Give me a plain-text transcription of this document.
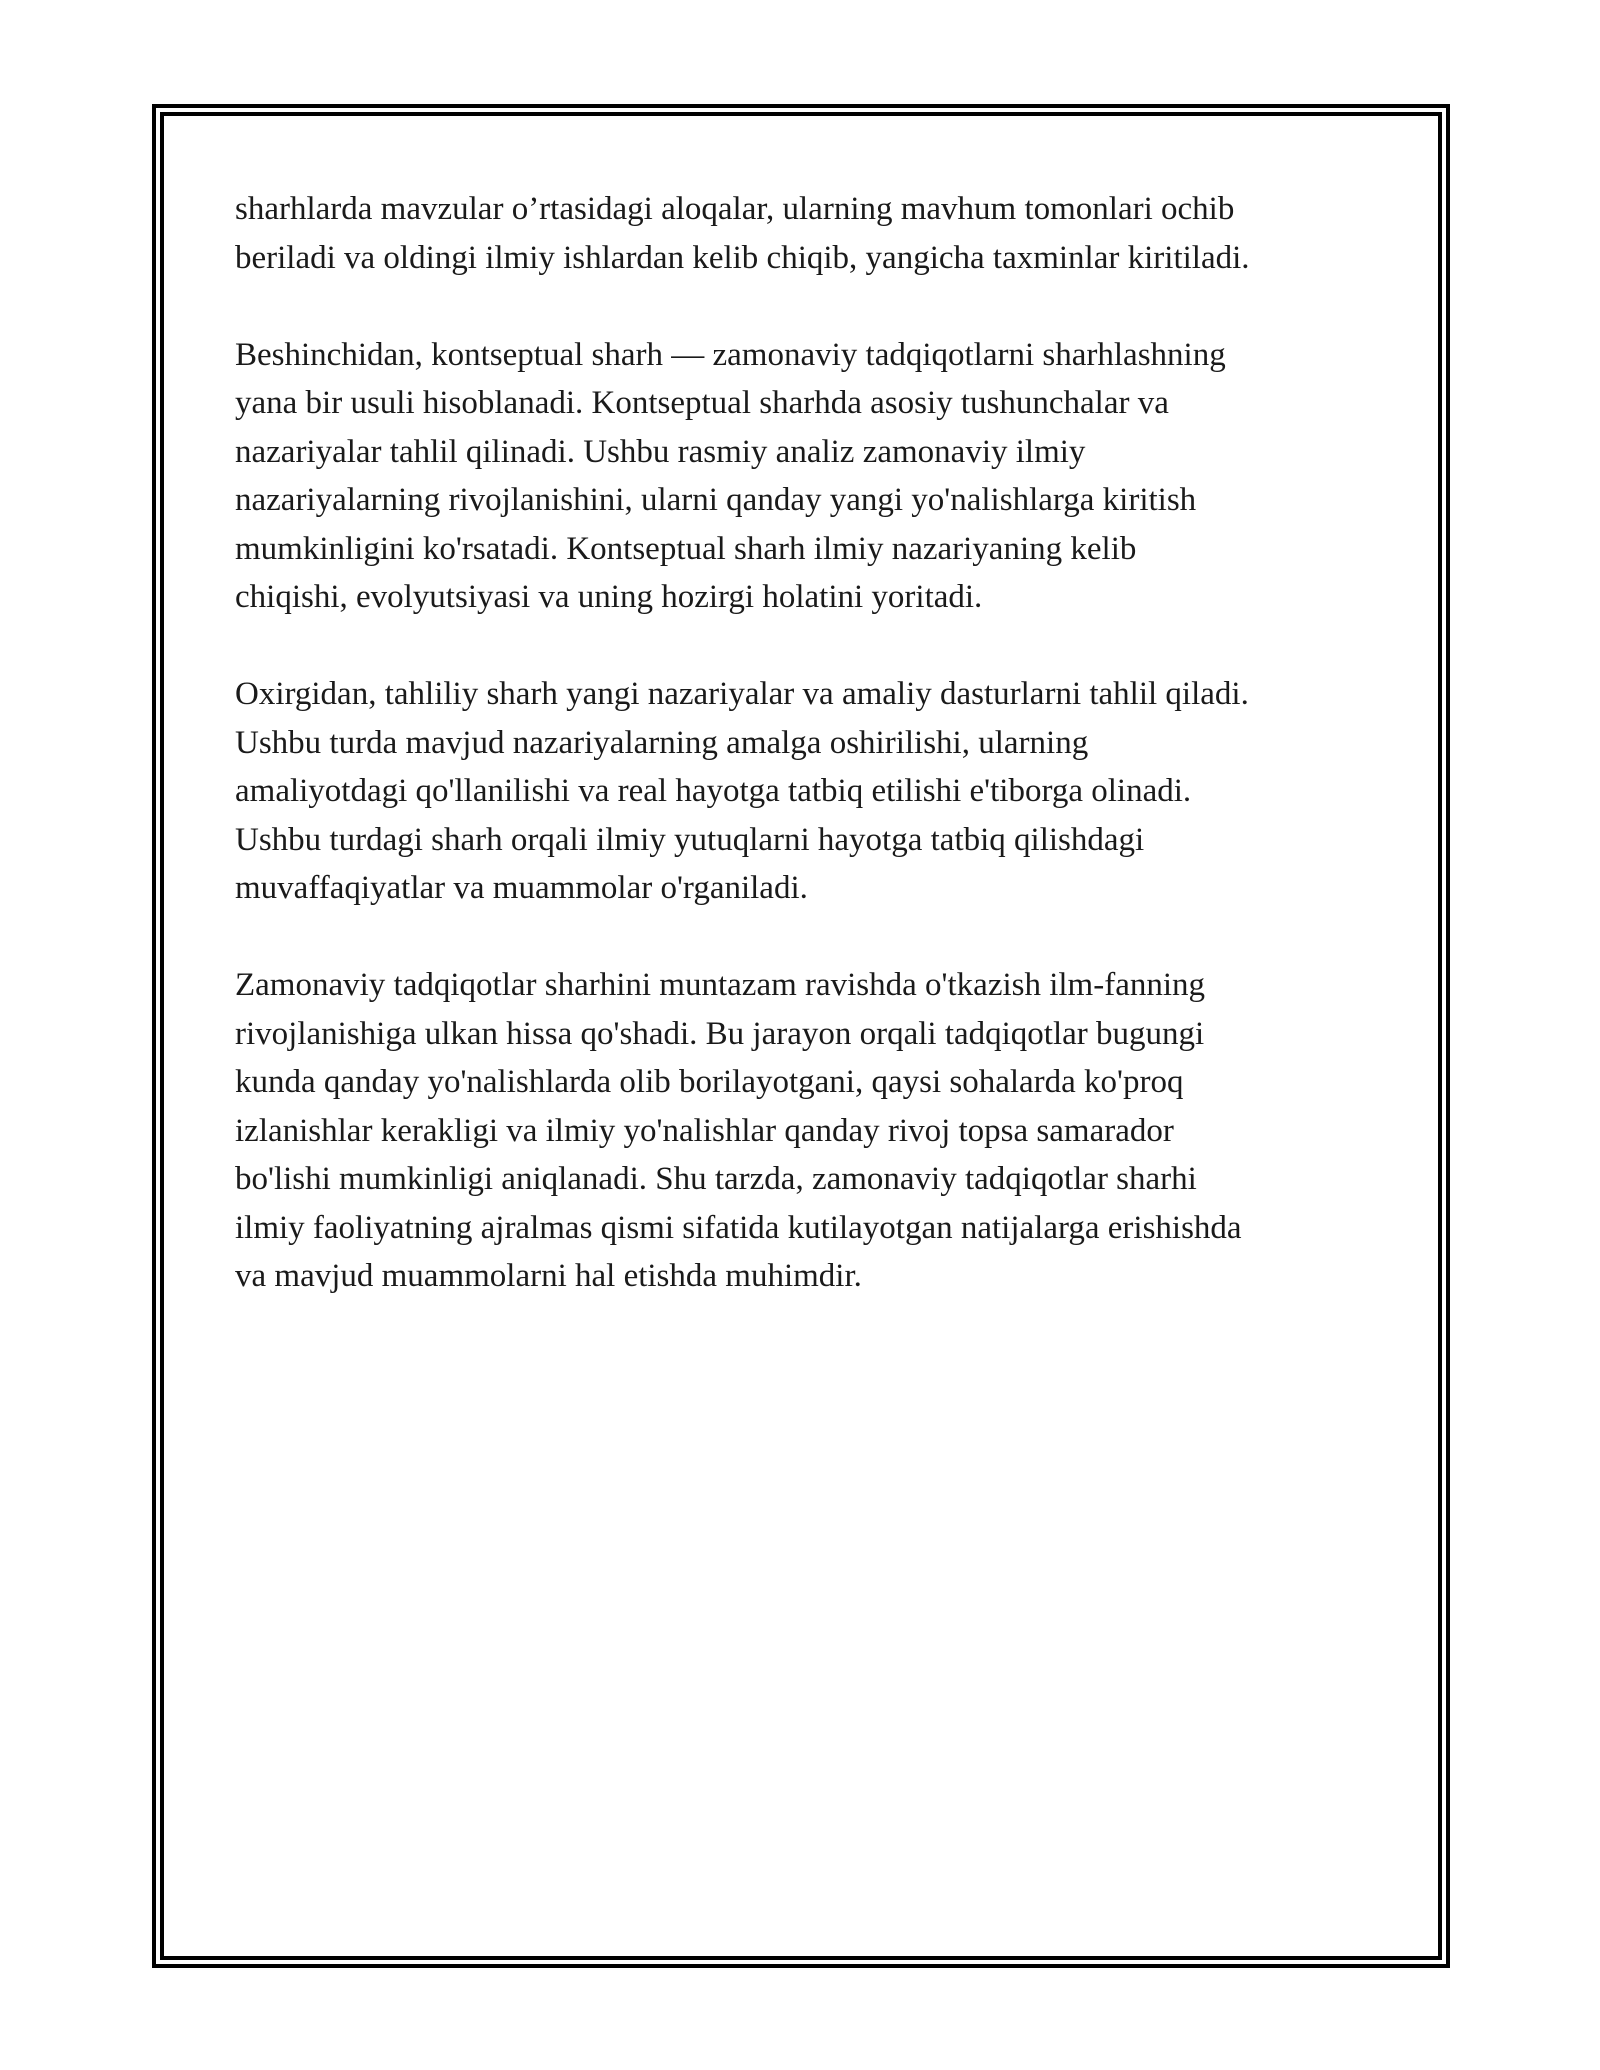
sharhlarda mavzular o’rtasidagi aloqalar, ularning mavhum tomonlari ochib
beriladi va oldingi ilmiy ishlardan kelib chiqib, yangicha taxminlar kiritiladi.

Beshinchidan, kontseptual sharh — zamonaviy tadqiqotlarni sharhlashning
yana bir usuli hisoblanadi. Kontseptual sharhda asosiy tushunchalar va
nazariyalar tahlil qilinadi. Ushbu rasmiy analiz zamonaviy ilmiy
nazariyalarning rivojlanishini, ularni qanday yangi yo'nalishlarga kiritish
mumkinligini ko'rsatadi. Kontseptual sharh ilmiy nazariyaning kelib
chiqishi, evolyutsiyasi va uning hozirgi holatini yoritadi.

Oxirgidan, tahliliy sharh yangi nazariyalar va amaliy dasturlarni tahlil qiladi.
Ushbu turda mavjud nazariyalarning amalga oshirilishi, ularning
amaliyotdagi qo'llanilishi va real hayotga tatbiq etilishi e'tiborga olinadi.
Ushbu turdagi sharh orqali ilmiy yutuqlarni hayotga tatbiq qilishdagi
muvaffaqiyatlar va muammolar o'rganiladi.

Zamonaviy tadqiqotlar sharhini muntazam ravishda o'tkazish ilm-fanning
rivojlanishiga ulkan hissa qo'shadi. Bu jarayon orqali tadqiqotlar bugungi
kunda qanday yo'nalishlarda olib borilayotgani, qaysi sohalarda ko'proq
izlanishlar kerakligi va ilmiy yo'nalishlar qanday rivoj topsa samarador
bo'lishi mumkinligi aniqlanadi. Shu tarzda, zamonaviy tadqiqotlar sharhi
ilmiy faoliyatning ajralmas qismi sifatida kutilayotgan natijalarga erishishda
va mavjud muammolarni hal etishda muhimdir.
